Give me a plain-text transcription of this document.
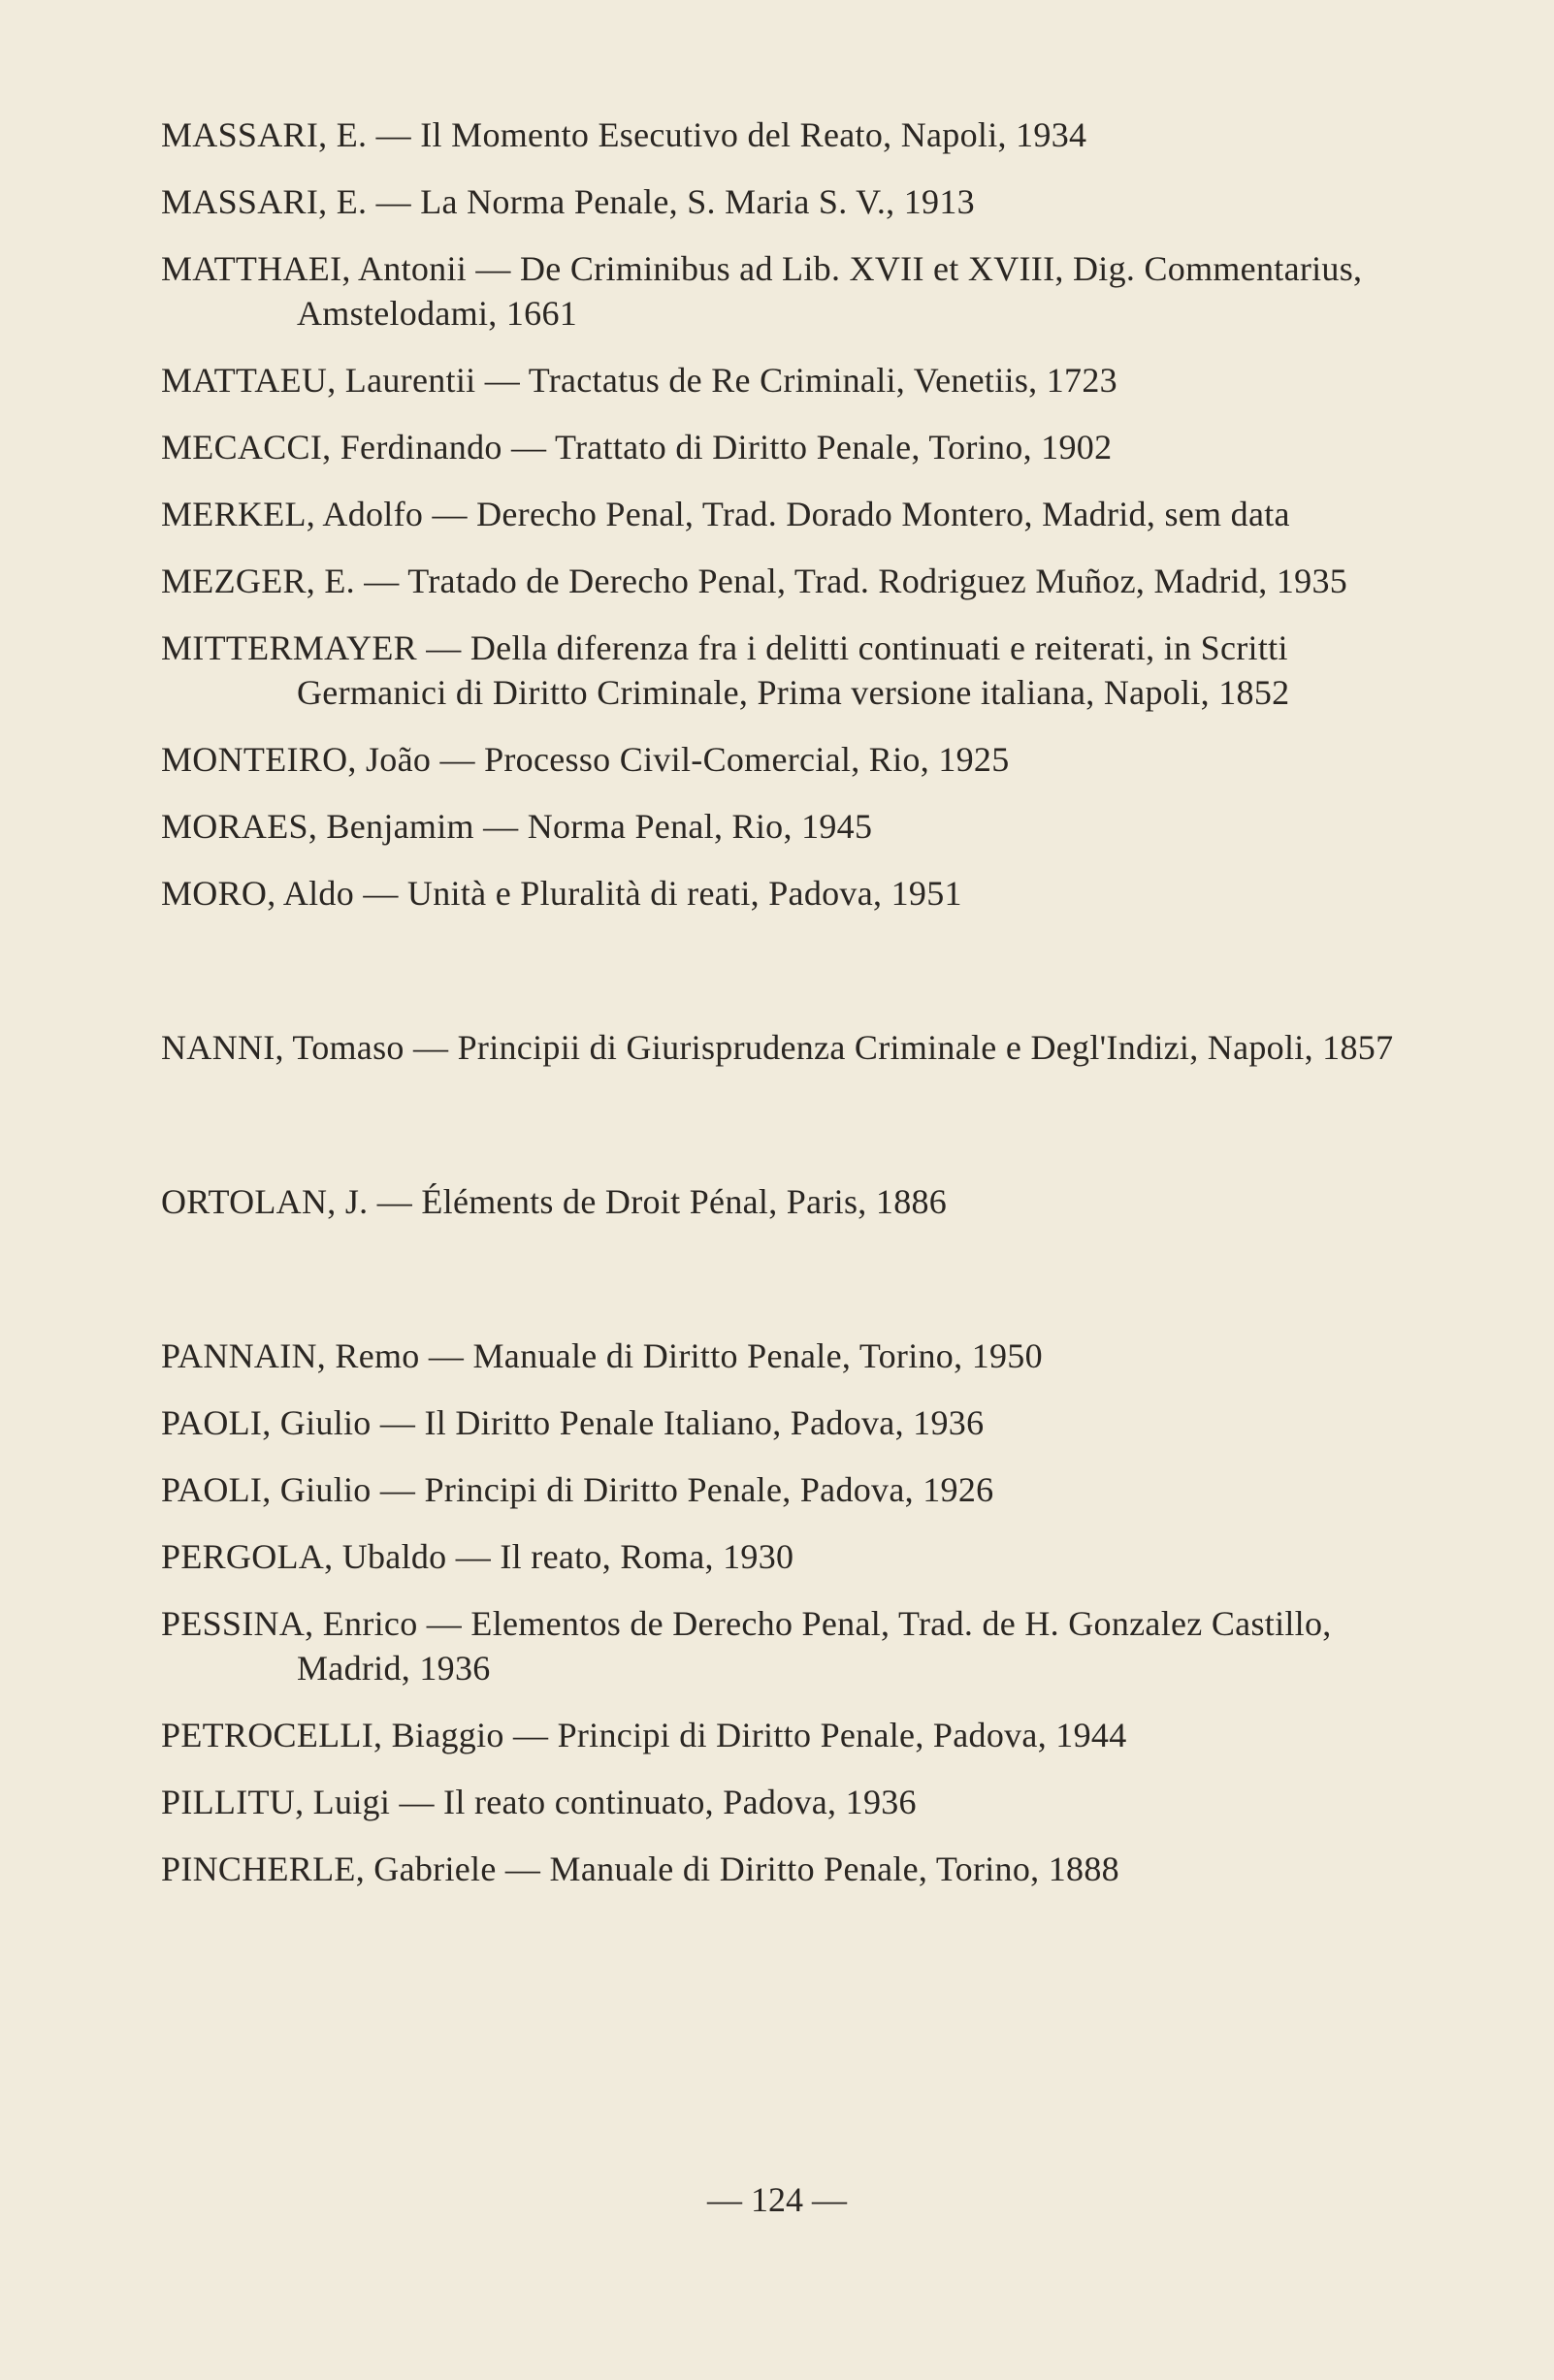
MASSARI, E. — Il Momento Esecutivo del Reato, Napoli, 1934

MASSARI, E. — La Norma Penale, S. Maria S. V., 1913

MATTHAEI, Antonii — De Criminibus ad Lib. XVII et XVIII, Dig. Commentarius, Amstelodami, 1661

MATTAEU, Laurentii — Tractatus de Re Criminali, Venetiis, 1723

MECACCI, Ferdinando — Trattato di Diritto Penale, Torino, 1902

MERKEL, Adolfo — Derecho Penal, Trad. Dorado Montero, Madrid, sem data

MEZGER, E. — Tratado de Derecho Penal, Trad. Rodriguez Muñoz, Madrid, 1935

MITTERMAYER — Della diferenza fra i delitti continuati e reiterati, in Scritti Germanici di Diritto Criminale, Prima versione italiana, Napoli, 1852

MONTEIRO, João — Processo Civil-Comercial, Rio, 1925

MORAES, Benjamim — Norma Penal, Rio, 1945

MORO, Aldo — Unità e Pluralità di reati, Padova, 1951

NANNI, Tomaso — Principii di Giurisprudenza Criminale e Degl'Indizi, Napoli, 1857

ORTOLAN, J. — Éléments de Droit Pénal, Paris, 1886

PANNAIN, Remo — Manuale di Diritto Penale, Torino, 1950

PAOLI, Giulio — Il Diritto Penale Italiano, Padova, 1936

PAOLI, Giulio — Principi di Diritto Penale, Padova, 1926

PERGOLA, Ubaldo — Il reato, Roma, 1930

PESSINA, Enrico — Elementos de Derecho Penal, Trad. de H. Gonzalez Castillo, Madrid, 1936

PETROCELLI, Biaggio — Principi di Diritto Penale, Padova, 1944

PILLITU, Luigi — Il reato continuato, Padova, 1936

PINCHERLE, Gabriele — Manuale di Diritto Penale, Torino, 1888

— 124 —
